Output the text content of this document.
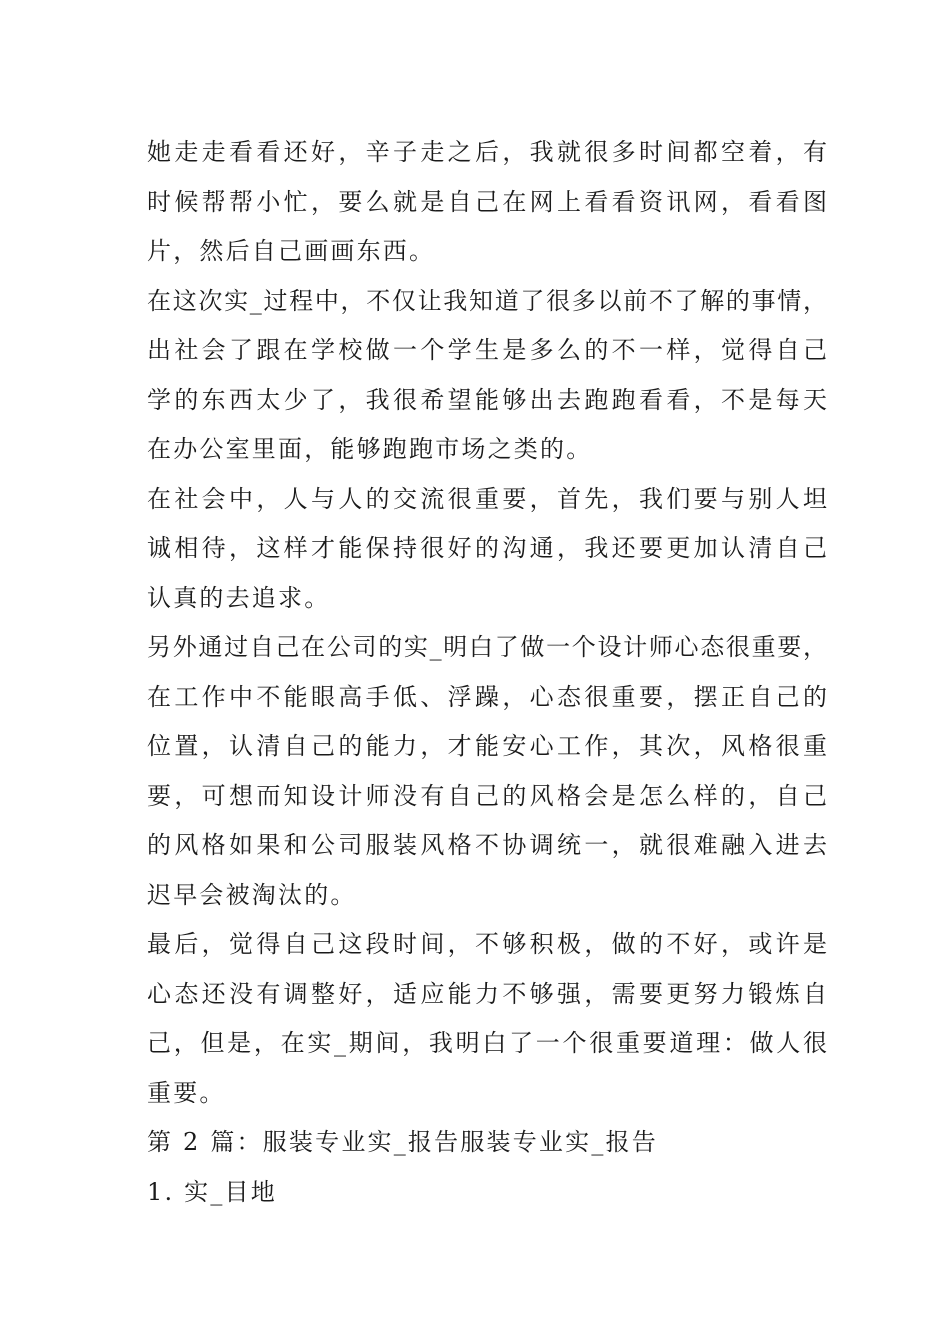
她走走看看还好，辛子走之后，我就很多时间都空着，有
时候帮帮小忙，要么就是自己在网上看看资讯网，看看图
片，然后自己画画东西。
在这次实_过程中，不仅让我知道了很多以前不了解的事情，
出社会了跟在学校做一个学生是多么的不一样，觉得自己
学的东西太少了，我很希望能够出去跑跑看看，不是每天
在办公室里面，能够跑跑市场之类的。
在社会中，人与人的交流很重要，首先，我们要与别人坦
诚相待，这样才能保持很好的沟通，我还要更加认清自己
认真的去追求。
另外通过自己在公司的实_明白了做一个设计师心态很重要，
在工作中不能眼高手低、浮躁，心态很重要，摆正自己的
位置，认清自己的能力，才能安心工作，其次，风格很重
要，可想而知设计师没有自己的风格会是怎么样的，自己
的风格如果和公司服装风格不协调统一，就很难融入进去
迟早会被淘汰的。
最后，觉得自己这段时间，不够积极，做的不好，或许是
心态还没有调整好，适应能力不够强，需要更努力锻炼自
己，但是，在实_期间，我明白了一个很重要道理：做人很
重要。
第 2 篇：服装专业实_报告服装专业实_报告
1. 实_目地
